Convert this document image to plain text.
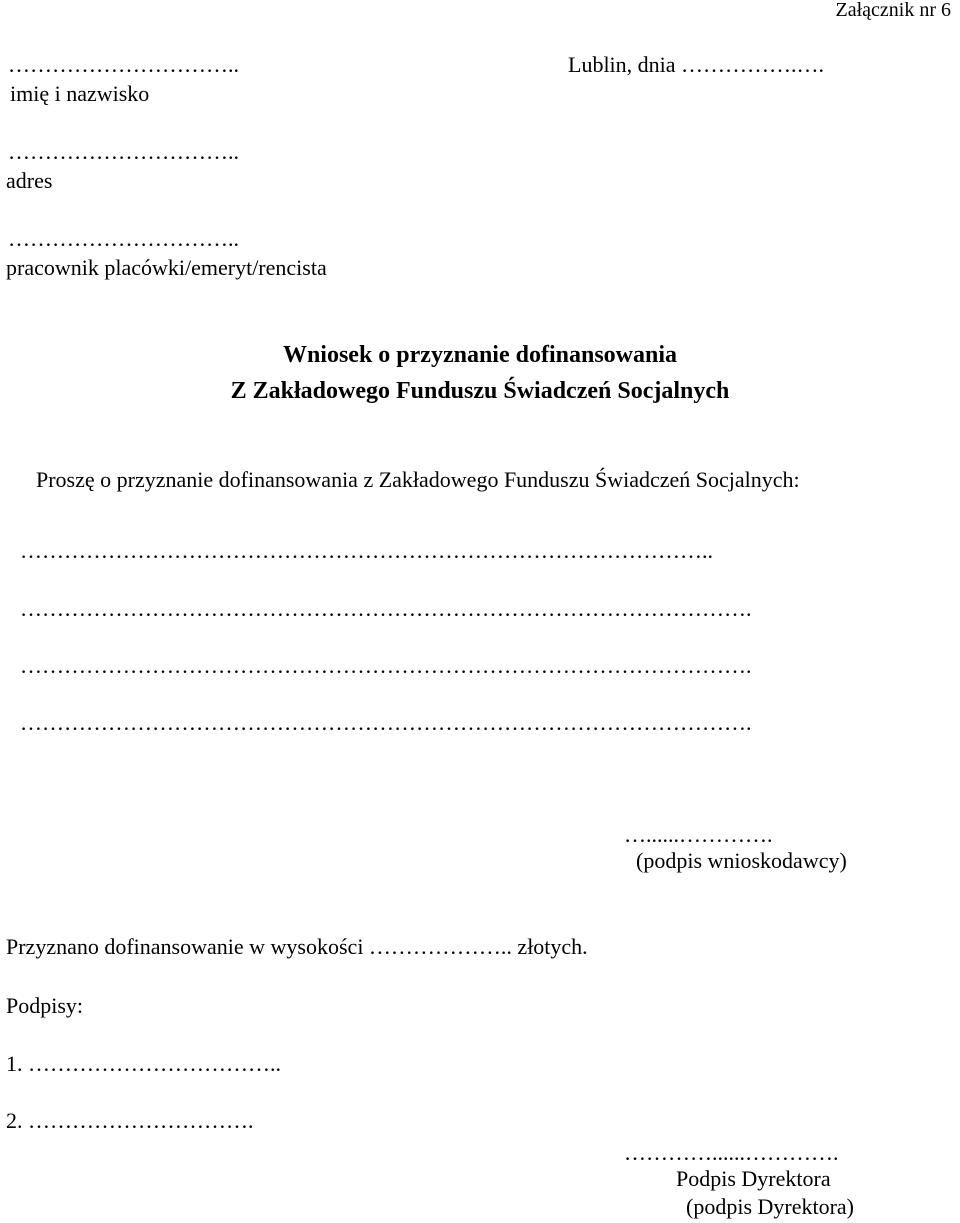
Załącznik nr 6
…………………………..
imię i nazwisko
Lublin, dnia …………….….
…………………………..
adres
…………………………..
pracownik placówki/emeryt/rencista
Wniosek o przyznanie dofinansowania
Z Zakładowego Funduszu Świadczeń Socjalnych
Proszę o przyznanie dofinansowania z Zakładowego Funduszu Świadczeń Socjalnych:
…………………………………………………………………………………..
……………………………………………………………………………………….
……………………………………………………………………………………….
……………………………………………………………………………………….
…......………….
(podpis wnioskodawcy)
Przyznano dofinansowanie w wysokości ……………….. złotych.
Podpisy:
1. ……………………………..
2. ………………………….
…………......………….
Podpis Dyrektora
(podpis Dyrektora)
